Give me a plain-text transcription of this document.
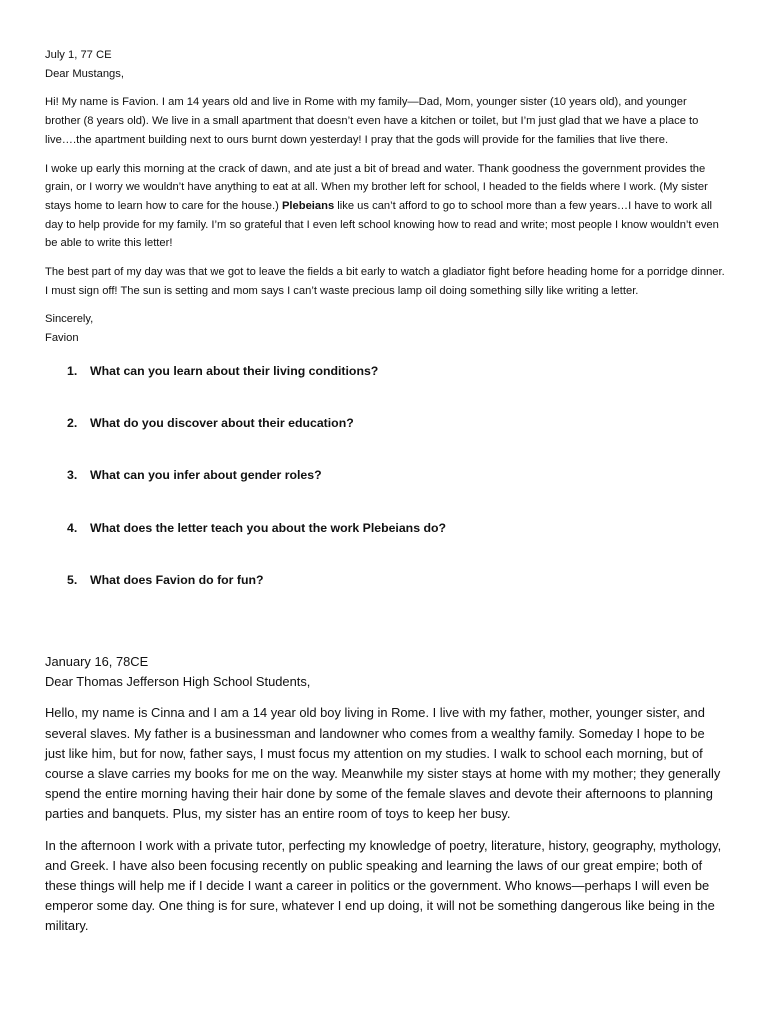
July 1, 77 CE

Dear Mustangs,

Hi! My name is Favion. I am 14 years old and live in Rome with my family—Dad, Mom, younger sister (10 years old), and younger brother (8 years old). We live in a small apartment that doesn’t even have a kitchen or toilet, but I’m just glad that we have a place to live….the apartment building next to ours burnt down yesterday! I pray that the gods will provide for the families that live there.

I woke up early this morning at the crack of dawn, and ate just a bit of bread and water. Thank goodness the government provides the grain, or I worry we wouldn’t have anything to eat at all. When my brother left for school, I headed to the fields where I work. (My sister stays home to learn how to care for the house.) Plebeians like us can’t afford to go to school more than a few years…I have to work all day to help provide for my family. I’m so grateful that I even left school knowing how to read and write; most people I know wouldn’t even be able to write this letter!

The best part of my day was that we got to leave the fields a bit early to watch a gladiator fight before heading home for a porridge dinner. I must sign off! The sun is setting and mom says I can’t waste precious lamp oil doing something silly like writing a letter.

Sincerely,

Favion

1.	What can you learn about their living conditions?
2.	What do you discover about their education?
3.	What can you infer about gender roles?
4.	What does the letter teach you about the work Plebeians do?
5.	What does Favion do for fun?

January 16, 78CE

Dear Thomas Jefferson High School Students,

Hello, my name is Cinna and I am a 14 year old boy living in Rome. I live with my father, mother, younger sister, and several slaves. My father is a businessman and landowner who comes from a wealthy family. Someday I hope to be just like him, but for now, father says, I must focus my attention on my studies. I walk to school each morning, but of course a slave carries my books for me on the way. Meanwhile my sister stays at home with my mother; they generally spend the entire morning having their hair done by some of the female slaves and devote their afternoons to planning parties and banquets. Plus, my sister has an entire room of toys to keep her busy.

In the afternoon I work with a private tutor, perfecting my knowledge of poetry, literature, history, geography, mythology, and Greek. I have also been focusing recently on public speaking and learning the laws of our great empire; both of these things will help me if I decide I want a career in politics or the government. Who knows—perhaps I will even be emperor some day. One thing is for sure, whatever I end up doing, it will not be something dangerous like being in the military.
